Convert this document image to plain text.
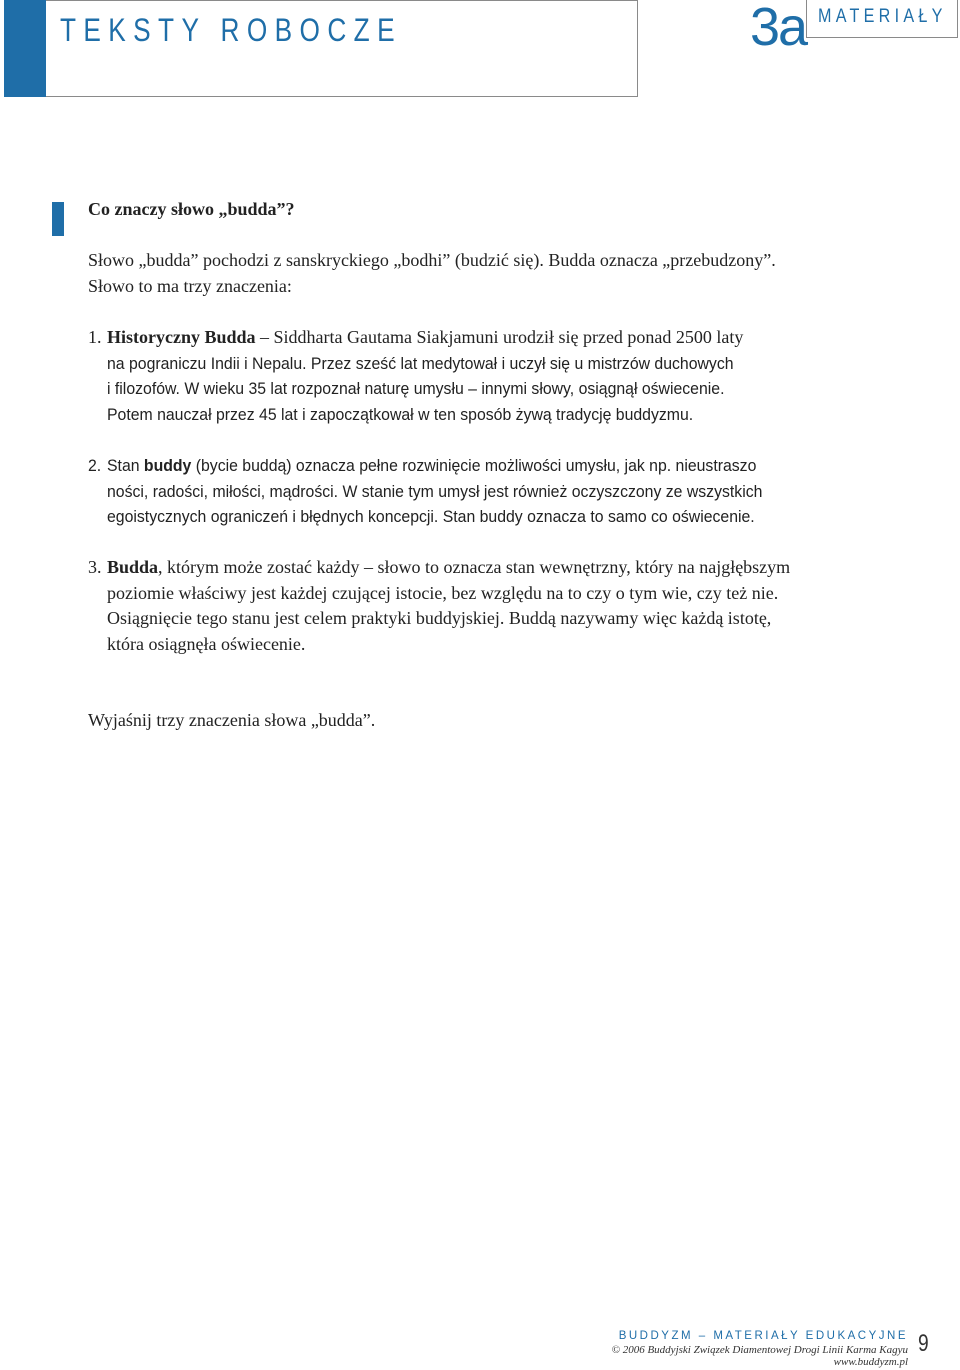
TEKSTY ROBOCZE	3a MATERIAŁY

Co znaczy słowo „budda”?

Słowo „budda” pochodzi z sanskryckiego „bodhi” (budzić się). Budda oznacza „przebudzony”.
Słowo to ma trzy znaczenia:

1. Historyczny Budda – Siddharta Gautama Siakjamuni urodził się przed ponad 2500 laty
na pograniczu Indii i Nepalu. Przez sześć lat medytował i uczył się u mistrzów duchowych
i filozofów. W wieku 35 lat rozpoznał naturę umysłu – innymi słowy, osiągnął oświecenie.
Potem nauczał przez 45 lat i zapoczątkował w ten sposób żywą tradycję buddyzmu.
2. Stan buddy (bycie buddą) oznacza pełne rozwinięcie możliwości umysłu, jak np. nieustraszo
ności, radości, miłości, mądrości. W stanie tym umysł jest również oczyszczony ze wszystkich
egoistycznych ograniczeń i błędnych koncepcji. Stan buddy oznacza to samo co oświecenie.
3. Budda, którym może zostać każdy – słowo to oznacza stan wewnętrzny, który na najgłębszym
poziomie właściwy jest każdej czującej istocie, bez względu na to czy o tym wie, czy też nie.
Osiągnięcie tego stanu jest celem praktyki buddyjskiej. Buddą nazywamy więc każdą istotę,
która osiągnęła oświecenie.

Wyjaśnij trzy znaczenia słowa „budda”.

BUDDYZM – MATERIAŁY EDUKACYJNE
© 2006 Buddyjski Związek Diamentowej Drogi Linii Karma Kagyu
www.buddyzm.pl
9
